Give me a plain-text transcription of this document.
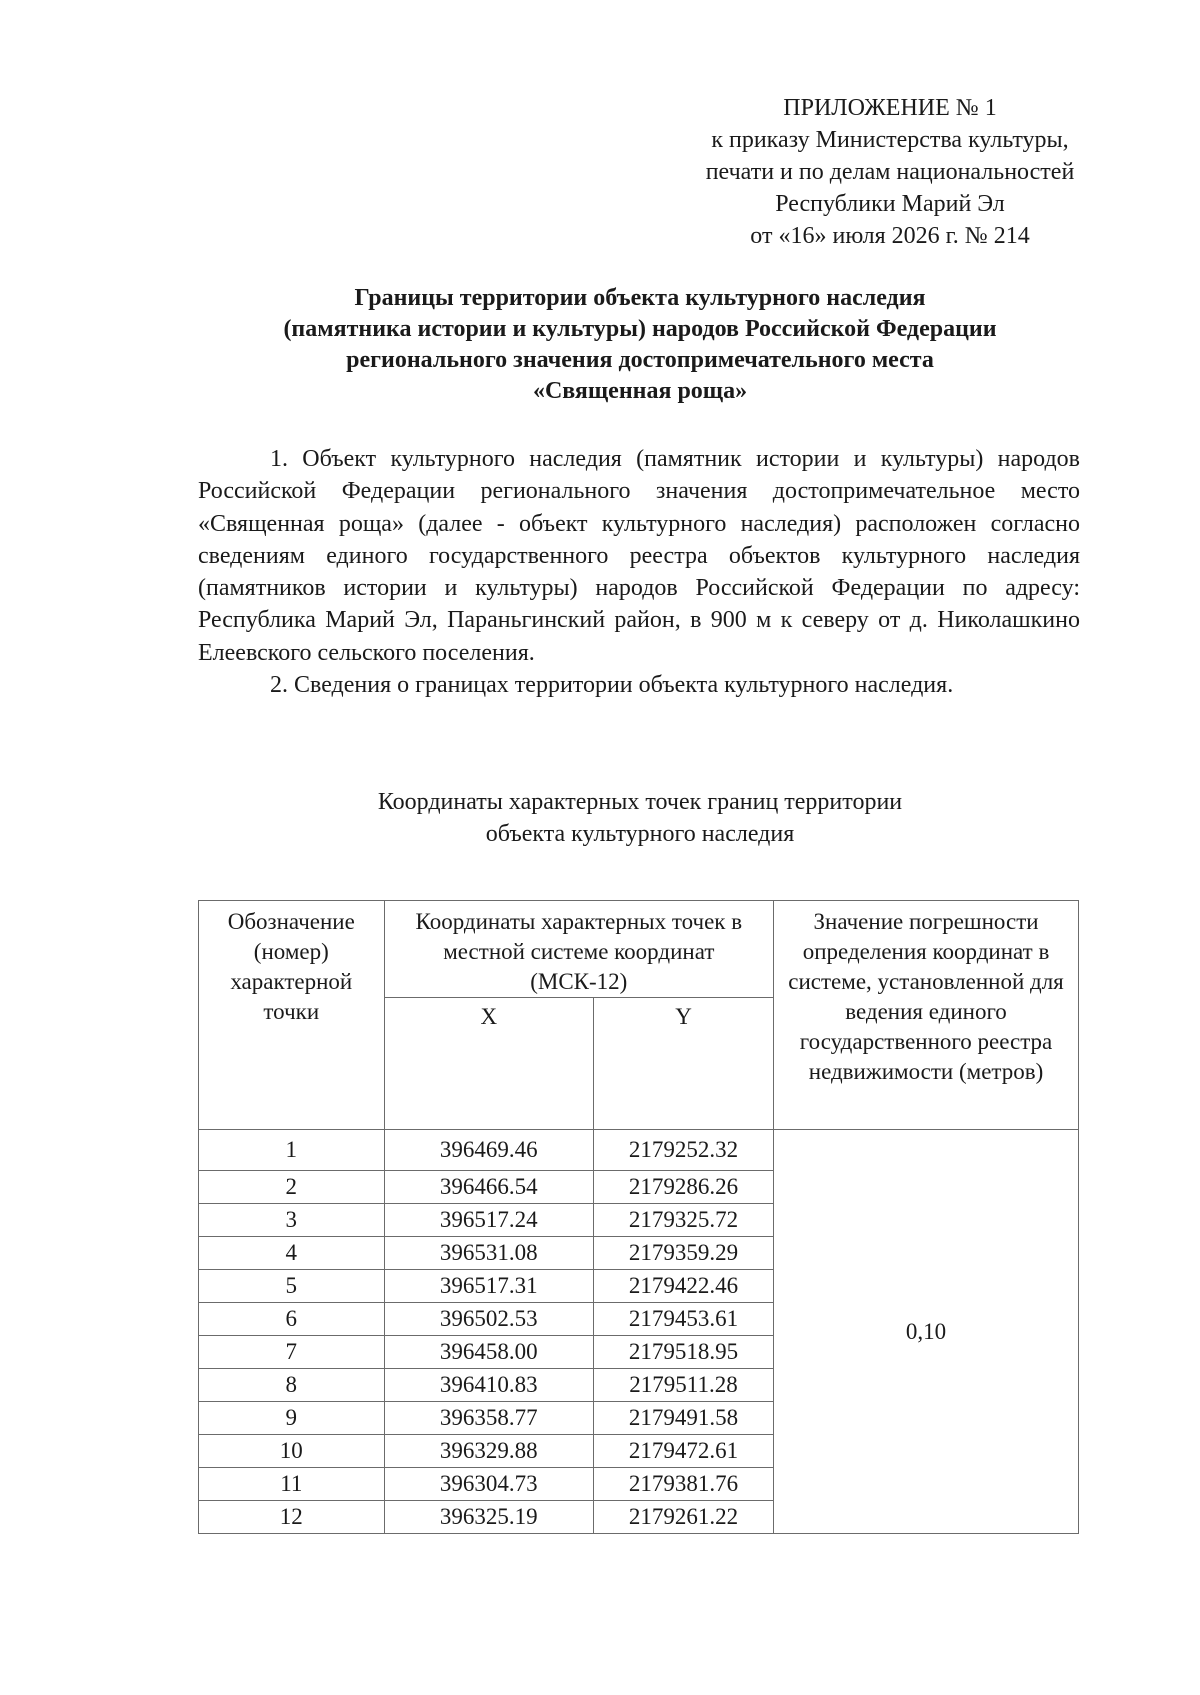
ПРИЛОЖЕНИЕ № 1
к приказу Министерства культуры,
печати и по делам национальностей
Республики Марий Эл
от «16» июля 2026 г. № 214
Границы территории объекта культурного наследия
(памятника истории и культуры) народов Российской Федерации
регионального значения достопримечательного места
«Священная роща»

1. Объект культурного наследия (памятник истории и культуры) народов Российской Федерации регионального значения достопримечательное место «Священная роща» (далее - объект культурного наследия) расположен согласно сведениям единого государственного реестра объектов культурного наследия (памятников истории и культуры) народов Российской Федерации по адресу: Республика Марий Эл, Параньгинский район, в 900 м к северу от д. Николашкино Елеевского сельского поселения.

2. Сведения о границах территории объекта культурного наследия.

Координаты характерных точек границ территории
объекта культурного наследия
Обозначение (номер) характерной точки	Координаты характерных точек в местной системе координат (МСК-12)		Значение погрешности определения координат в системе, установленной для ведения единого государственного реестра недвижимости (метров)
	X	Y	
1	396469.46	2179252.32	0,10
2	396466.54	2179286.26	
3	396517.24	2179325.72	
4	396531.08	2179359.29	
5	396517.31	2179422.46	
6	396502.53	2179453.61	
7	396458.00	2179518.95	
8	396410.83	2179511.28	
9	396358.77	2179491.58	
10	396329.88	2179472.61	
11	396304.73	2179381.76	
12	396325.19	2179261.22	
